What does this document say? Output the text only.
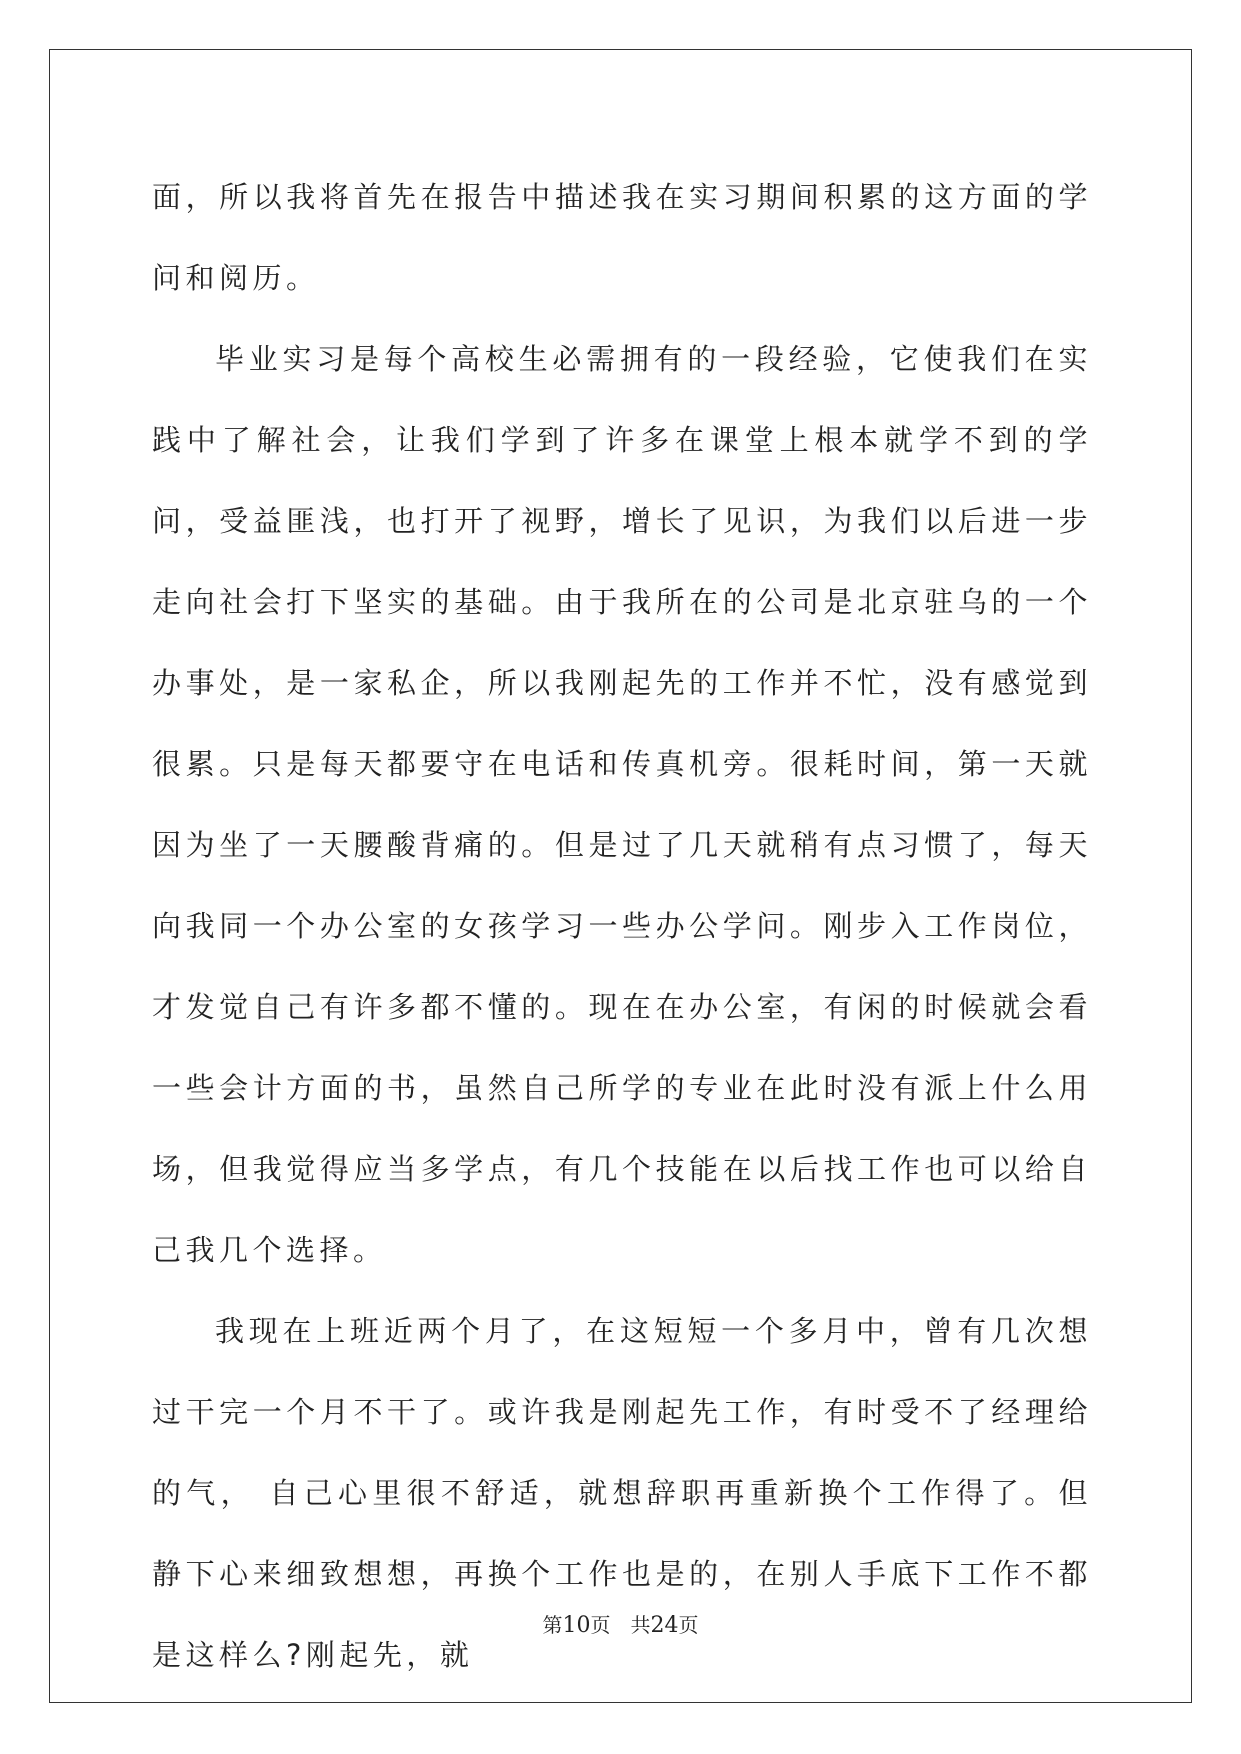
面，所以我将首先在报告中描述我在实习期间积累的这方面的学问和阅历。

毕业实习是每个高校生必需拥有的一段经验，它使我们在实践中了解社会，让我们学到了许多在课堂上根本就学不到的学问，受益匪浅，也打开了视野，增长了见识，为我们以后进一步走向社会打下坚实的基础。由于我所在的公司是北京驻乌的一个办事处，是一家私企，所以我刚起先的工作并不忙，没有感觉到很累。只是每天都要守在电话和传真机旁。很耗时间，第一天就因为坐了一天腰酸背痛的。但是过了几天就稍有点习惯了，每天向我同一个办公室的女孩学习一些办公学问。刚步入工作岗位，才发觉自己有许多都不懂的。现在在办公室，有闲的时候就会看一些会计方面的书，虽然自己所学的专业在此时没有派上什么用场，但我觉得应当多学点，有几个技能在以后找工作也可以给自己我几个选择。

我现在上班近两个月了，在这短短一个多月中，曾有几次想过干完一个月不干了。或许我是刚起先工作，有时受不了经理给的气， 自己心里很不舒适，就想辞职再重新换个工作得了。但静下心来细致想想，再换个工作也是的，在别人手底下工作不都是这样么?刚起先，就

第10页　共24页
